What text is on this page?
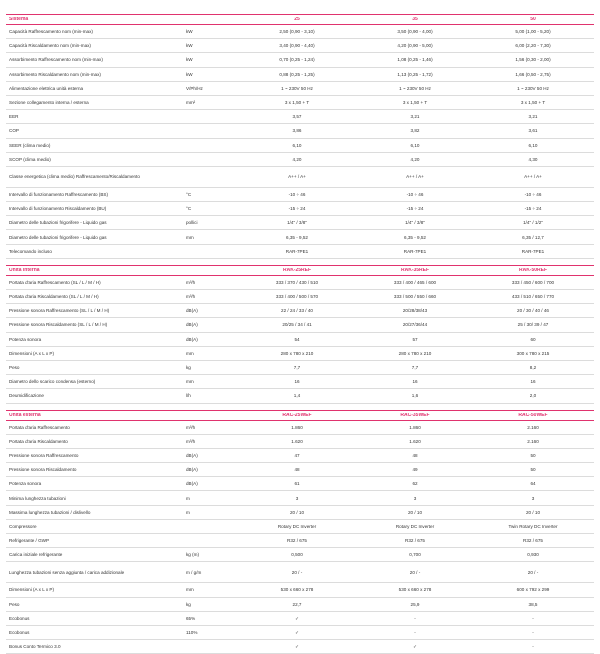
Sistema	25	35	50
Capacità Raffrescamento nom (min-max)	kW	2,50 (0,90 - 3,10)	3,50 (0,90 - 4,00)	5,00 (1,00 - 5,20)
Capacità Riscaldamento nom (min-max)	kW	3,40 (0,90 - 4,40)	4,20 (0,90 - 5,00)	6,00 (2,20 - 7,30)
Assorbimento Raffrescamento nom (min-max)	kW	0,70 (0,25 - 1,24)	1,08 (0,25 - 1,46)	1,56 (0,30 - 2,00)
Assorbimento Riscaldamento nom (min-max)	kW	0,88 (0,25 - 1,25)	1,13 (0,25 - 1,72)	1,66 (0,50 - 2,75)
Alimentazione elettrica unità esterna	V/Ph/Hz	1 ~ 230V 50 Hz	1 ~ 230V 50 Hz	1 ~ 230V 50 Hz
Sezione collegamento interna / esterna	mm²	3 x 1,50 + T	3 x 1,50 + T	3 x 1,50 + T
EER	3,57	3,21	3,21
COP	3,86	3,82	3,61
SEER (clima medio)	6,10	6,10	6,10
SCOP (clima medio)	4,20	4,20	4,30
Classe energetica (clima medio) Raffrescamento/Riscaldamento	A++ / A+	A++ / A+	A++ / A+
Intervallo di funzionamento Raffrescamento (BS)	°C	-10 ÷ 46	-10 ÷ 46	-10 ÷ 46
Intervallo di funzionamento Riscaldamento (BU)	°C	-15 ÷ 24	-15 ÷ 24	-15 ÷ 24
Diametro delle tubazioni frigorifere - Liquido gas	pollici	1/4" / 3/8"	1/4" / 3/8"	1/4" / 1/2"
Diametro delle tubazioni frigorifere - Liquido gas	mm	6,35 - 9,52	6,35 - 9,52	6,35 / 12,7
Telecomando incluso	RAR-7PE1	RAR-7PE1	RAR-7PE1
Unità interna	RAK-25REF	RAK-35REF	RAK-50REF
Portata d'aria Raffrescamento (SL / L / M / H)	m³/h	333 / 370 / 430 / 510	333 / 400 / 465 / 600	333 / 450 / 600 / 700
Portata d'aria Riscaldamento (SL / L / M / H)	m³/h	333 / 400 / 500 / 570	333 / 500 / 550 / 660	433 / 510 / 650 / 770
Pressione sonora Raffrescamento (SL / L / M / H)	dB(A)	22 / 24 / 33 / 40	20/28/38/43	20 / 30 / 40 / 46
Pressione sonora Riscaldamento (SL / L / M / H)	dB(A)	20/25 / 34 / 41	20/27/36/44	25 / 30/ 39 / 47
Potenza sonora	dB(A)	54	57	60
Dimensioni (A x L x P)	mm	280 x 780 x 210	280 x 780 x 210	300 x 780 x 215
Peso	kg	7,7	7,7	8,2
Diametro dello scarico condensa (esterno)	mm	16	16	16
Deumidificazione	l/h	1,4	1,6	2,0
Unità esterna	RAC-25WEF	RAC-35WEF	RAC-50WEF
Portata d'aria Raffrescamento	m³/h	1.860	1.860	2.160
Portata d'aria Riscaldamento	m³/h	1.620	1.620	2.160
Pressione sonora Raffrescamento	dB(A)	47	48	50
Pressione sonora Riscaldamento	dB(A)	48	49	50
Potenza sonora	dB(A)	61	62	64
Minima lunghezza tubazioni	m	3	3	3
Massima lunghezza tubazioni / dislivello	m	20 / 10	20 / 10	20 / 10
Compressore	Rotary DC Inverter	Rotary DC Inverter	Twin Rotary DC Inverter
Refrigerante / GWP	R32 / 675	R32 / 675	R32 / 675
Carica iniziale refrigerante	kg (m)	0,500	0,700	0,930
Lunghezza tubazioni senza aggiunta / carica addizionale	m / g/m	20 / -	20 / -	20 / -
Dimensioni (A x L x P)	mm	530 x 660 x 278	530 x 660 x 278	600 x 792 x 299
Peso	kg	22,7	25,9	38,5
Ecobonus	65%	✓	-	-
Ecobonus	110%	✓	-	-
Bonus Conto Termico 3.0	✓	✓	-
